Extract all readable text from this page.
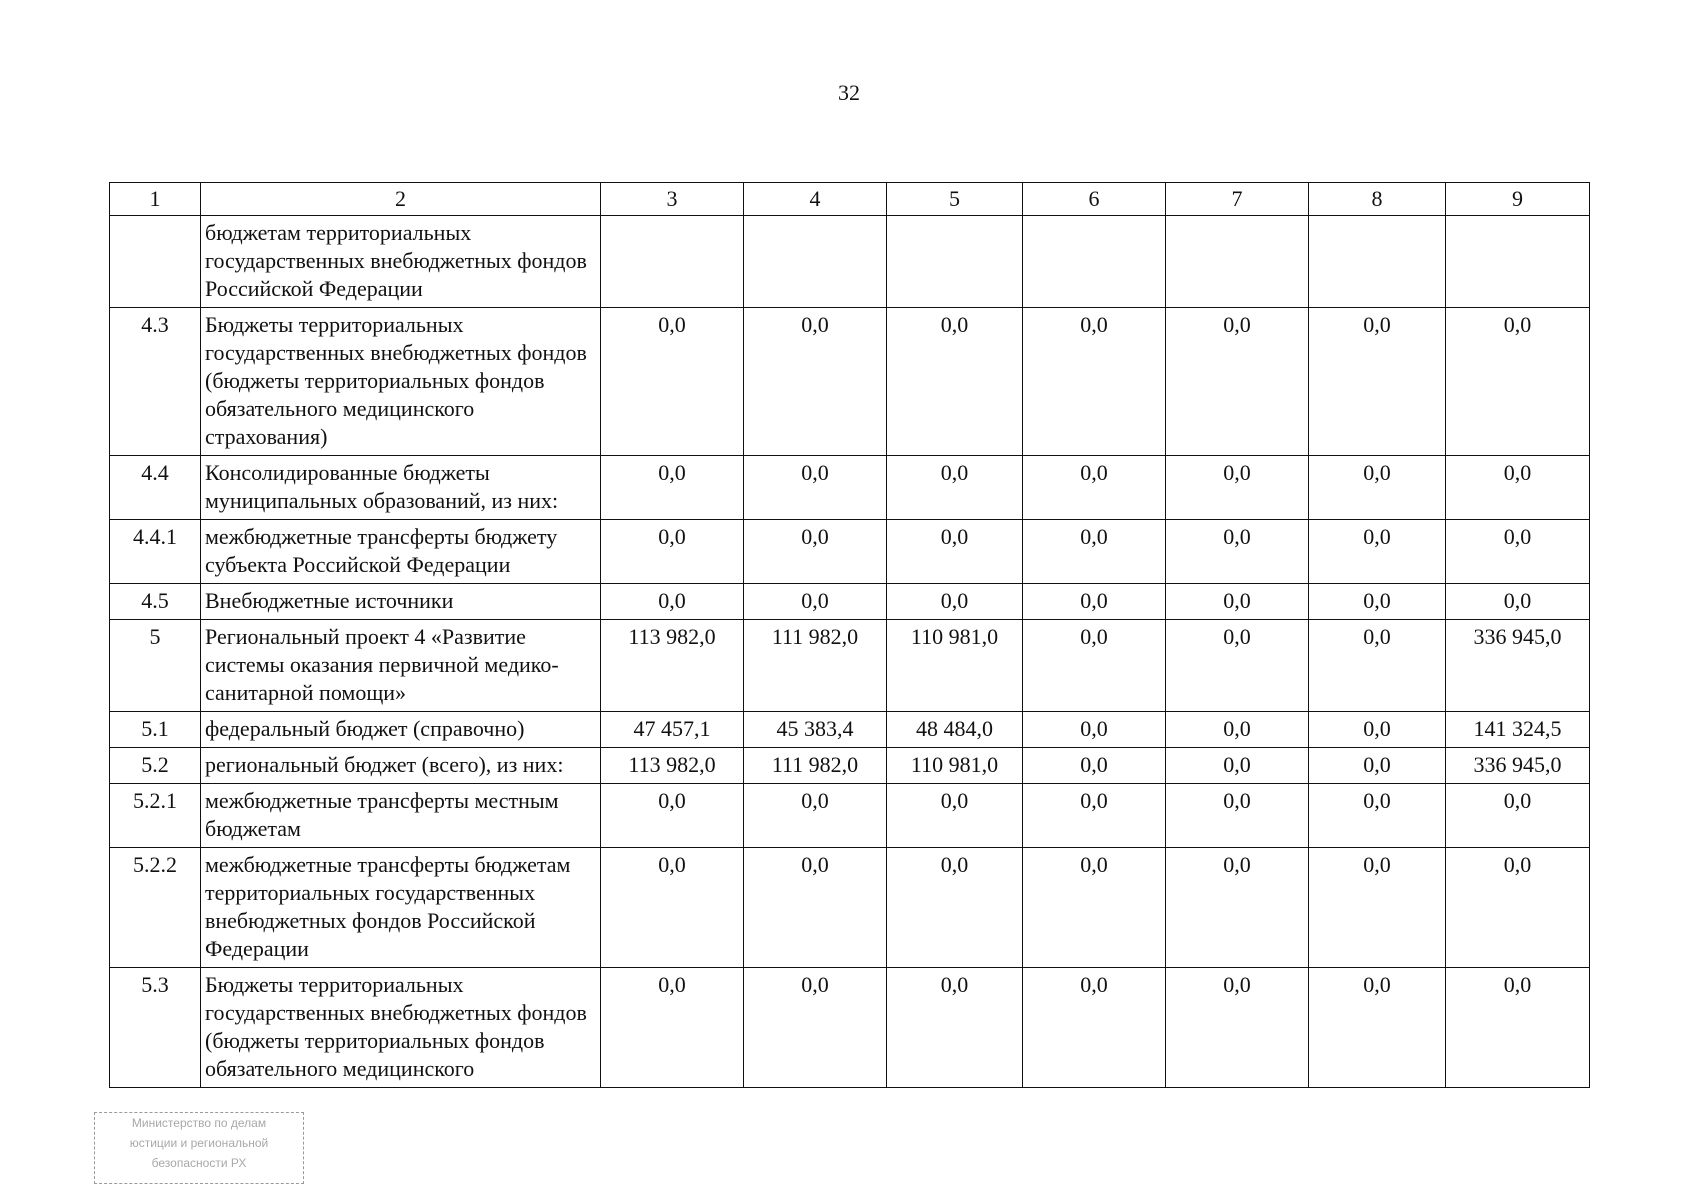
32
1	2	3	4	5	6	7	8	9
	бюджетам территориальных государственных внебюджетных фондов Российской Федерации							
4.3	Бюджеты территориальных государственных внебюджетных фондов (бюджеты территориальных фондов обязательного медицинского страхования)	0,0	0,0	0,0	0,0	0,0	0,0	0,0
4.4	Консолидированные бюджеты муниципальных образований, из них:	0,0	0,0	0,0	0,0	0,0	0,0	0,0
4.4.1	межбюджетные трансферты бюджету субъекта Российской Федерации	0,0	0,0	0,0	0,0	0,0	0,0	0,0
4.5	Внебюджетные источники	0,0	0,0	0,0	0,0	0,0	0,0	0,0
5	Региональный проект 4 «Развитие системы оказания первичной медико-санитарной помощи»	113 982,0	111 982,0	110 981,0	0,0	0,0	0,0	336 945,0
5.1	федеральный бюджет (справочно)	47 457,1	45 383,4	48 484,0	0,0	0,0	0,0	141 324,5
5.2	региональный бюджет (всего), из них:	113 982,0	111 982,0	110 981,0	0,0	0,0	0,0	336 945,0
5.2.1	межбюджетные трансферты местным бюджетам	0,0	0,0	0,0	0,0	0,0	0,0	0,0
5.2.2	межбюджетные трансферты бюджетам территориальных государственных внебюджетных фондов Российской Федерации	0,0	0,0	0,0	0,0	0,0	0,0	0,0
5.3	Бюджеты территориальных государственных внебюджетных фондов (бюджеты территориальных фондов обязательного медицинского	0,0	0,0	0,0	0,0	0,0	0,0	0,0
Министерство по делам
юстиции и региональной
безопасности РХ
